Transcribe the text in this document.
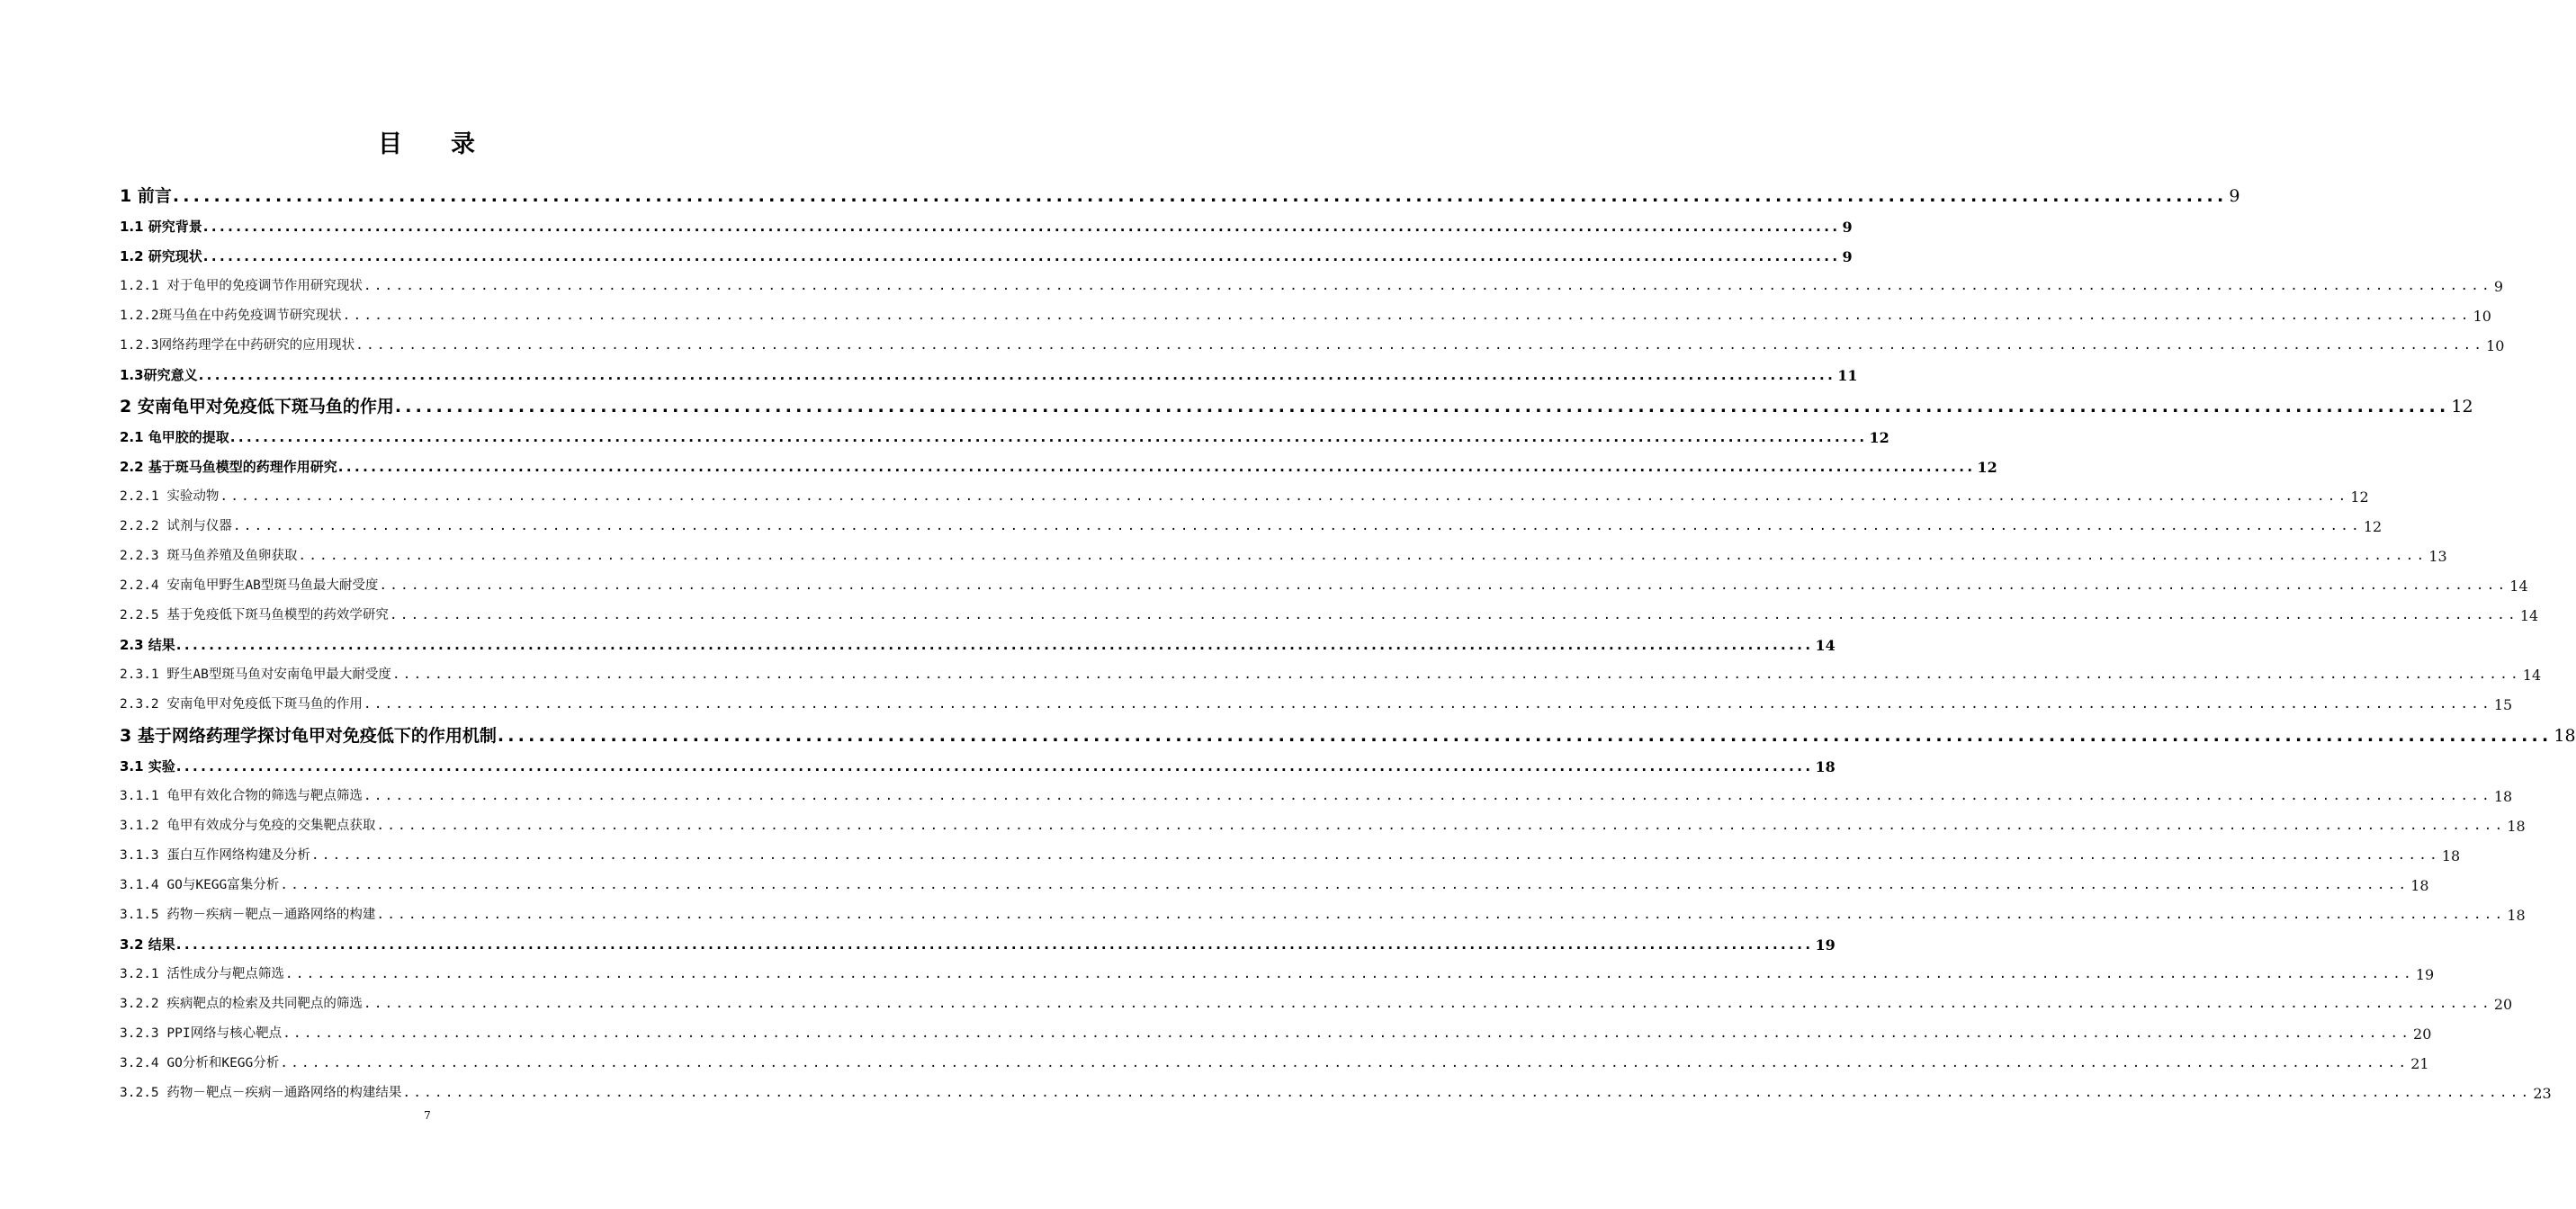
目 录
1 前言 ........................................................................................................................................................................................................ 9
1.1 研究背景 ........................................................................................................................................................................................................ 9
1.2 研究现状 ........................................................................................................................................................................................................ 9
1.2.1 对于龟甲的免疫调节作用研究现状 ........................................................................................................................................................................................................ 9
1.2.2斑马鱼在中药免疫调节研究现状 ........................................................................................................................................................................................................ 10
1.2.3网络药理学在中药研究的应用现状 ........................................................................................................................................................................................................ 10
1.3研究意义 ........................................................................................................................................................................................................ 11
2 安南龟甲对免疫低下斑马鱼的作用 ........................................................................................................................................................................................................ 12
2.1 龟甲胶的提取 ........................................................................................................................................................................................................ 12
2.2 基于斑马鱼模型的药理作用研究 ........................................................................................................................................................................................................ 12
2.2.1 实验动物 ........................................................................................................................................................................................................ 12
2.2.2 试剂与仪器 ........................................................................................................................................................................................................ 12
2.2.3 斑马鱼养殖及鱼卵获取 ........................................................................................................................................................................................................ 13
2.2.4 安南龟甲野生AB型斑马鱼最大耐受度 ........................................................................................................................................................................................................ 14
2.2.5 基于免疫低下斑马鱼模型的药效学研究 ........................................................................................................................................................................................................ 14
2.3 结果 ........................................................................................................................................................................................................ 14
2.3.1 野生AB型斑马鱼对安南龟甲最大耐受度 ........................................................................................................................................................................................................ 14
2.3.2 安南龟甲对免疫低下斑马鱼的作用 ........................................................................................................................................................................................................ 15
3 基于网络药理学探讨龟甲对免疫低下的作用机制 ........................................................................................................................................................................................................ 18
3.1 实验 ........................................................................................................................................................................................................ 18
3.1.1 龟甲有效化合物的筛选与靶点筛选 ........................................................................................................................................................................................................ 18
3.1.2 龟甲有效成分与免疫的交集靶点获取 ........................................................................................................................................................................................................ 18
3.1.3 蛋白互作网络构建及分析 ........................................................................................................................................................................................................ 18
3.1.4 GO与KEGG富集分析 ........................................................................................................................................................................................................ 18
3.1.5 药物－疾病－靶点－通路网络的构建 ........................................................................................................................................................................................................ 18
3.2 结果 ........................................................................................................................................................................................................ 19
3.2.1 活性成分与靶点筛选 ........................................................................................................................................................................................................ 19
3.2.2 疾病靶点的检索及共同靶点的筛选 ........................................................................................................................................................................................................ 20
3.2.3 PPI网络与核心靶点 ........................................................................................................................................................................................................ 20
3.2.4 GO分析和KEGG分析 ........................................................................................................................................................................................................ 21
3.2.5 药物－靶点－疾病－通路网络的构建结果 ........................................................................................................................................................................................................ 23
7
